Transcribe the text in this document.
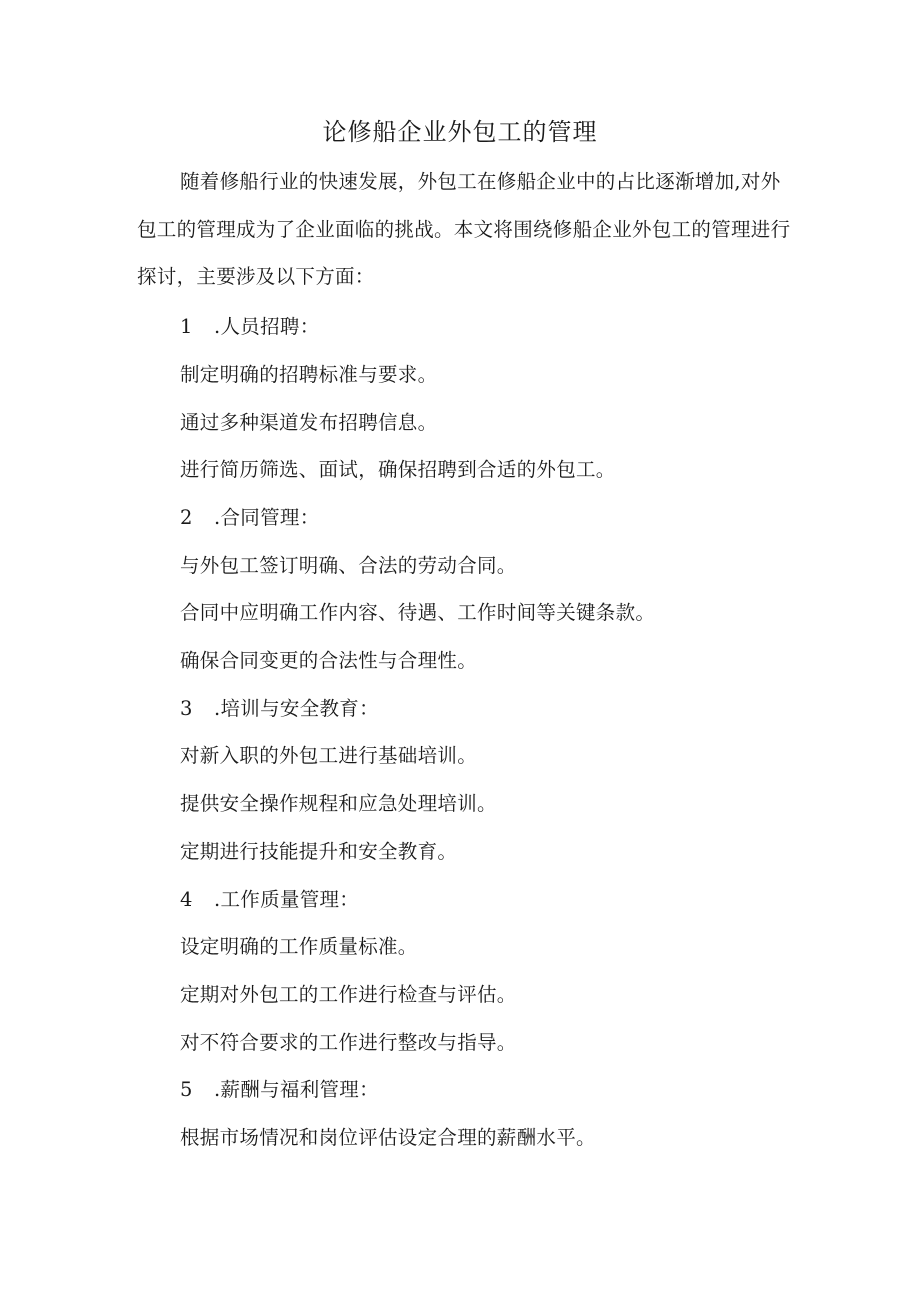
论修船企业外包工的管理

随着修船行业的快速发展，外包工在修船企业中的占比逐渐增加,对外包工的管理成为了企业面临的挑战。本文将围绕修船企业外包工的管理进行探讨，主要涉及以下方面：

1 .人员招聘：
制定明确的招聘标准与要求。
通过多种渠道发布招聘信息。
进行简历筛选、面试，确保招聘到合适的外包工。
2 .合同管理：
与外包工签订明确、合法的劳动合同。
合同中应明确工作内容、待遇、工作时间等关键条款。
确保合同变更的合法性与合理性。
3 .培训与安全教育：
对新入职的外包工进行基础培训。
提供安全操作规程和应急处理培训。
定期进行技能提升和安全教育。
4 .工作质量管理：
设定明确的工作质量标准。
定期对外包工的工作进行检查与评估。
对不符合要求的工作进行整改与指导。
5 .薪酬与福利管理：
根据市场情况和岗位评估设定合理的薪酬水平。
